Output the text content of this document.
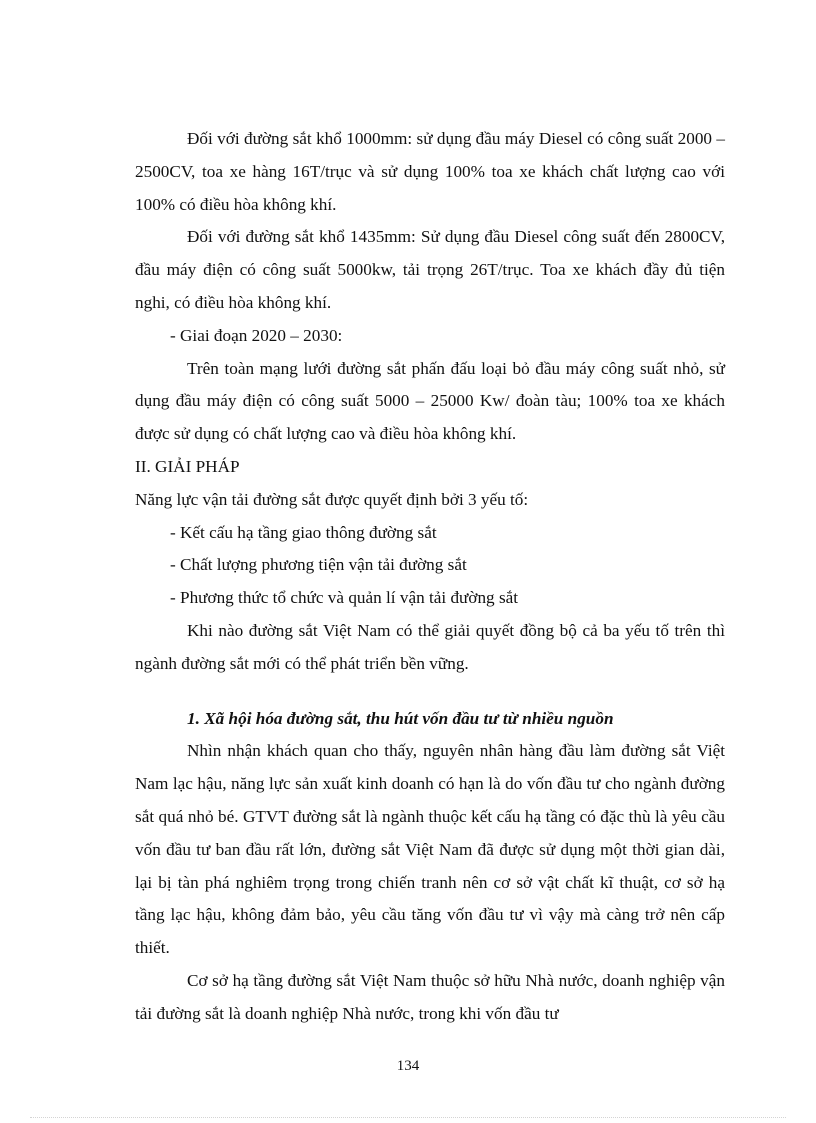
Đối với đường sắt khổ 1000mm: sử dụng đầu máy Diesel có công suất 2000 – 2500CV, toa xe hàng 16T/trục và sử dụng 100% toa xe khách chất lượng cao với 100% có điều hòa không khí.

Đối với đường sắt khổ 1435mm: Sử dụng đầu Diesel công suất đến 2800CV, đầu máy điện có công suất 5000kw, tải trọng 26T/trục. Toa xe khách đầy đủ tiện nghi, có điều hòa không khí.

- Giai đoạn 2020 – 2030:

Trên toàn mạng lưới đường sắt phấn đấu loại bỏ đầu máy công suất nhỏ, sử dụng đầu máy điện có công suất 5000 – 25000 Kw/ đoàn tàu; 100% toa xe khách được sử dụng có chất lượng cao và điều hòa không khí.

II. GIẢI PHÁP

Năng lực vận tải đường sắt được quyết định bởi 3 yếu tố:

- Kết cấu hạ tầng giao thông đường sắt

- Chất lượng phương tiện vận tải đường sắt

- Phương thức tổ chức và quản lí vận tải đường sắt

Khi nào đường sắt Việt Nam có thể giải quyết đồng bộ cả ba yếu tố trên thì ngành đường sắt mới có thể phát triển bền vững.

1. Xã hội hóa đường sắt, thu hút vốn đầu tư từ nhiều nguồn

Nhìn nhận khách quan cho thấy, nguyên nhân hàng đầu làm đường sắt Việt Nam lạc hậu, năng lực sản xuất kinh doanh có hạn là do vốn đầu tư cho ngành đường sắt quá nhỏ bé. GTVT đường sắt là ngành thuộc kết cấu hạ tầng có đặc thù là yêu cầu vốn đầu tư ban đầu rất lớn, đường sắt Việt Nam đã được sử dụng một thời gian dài, lại bị tàn phá nghiêm trọng trong chiến tranh nên cơ sở vật chất kĩ thuật, cơ sở hạ tầng lạc hậu, không đảm bảo, yêu cầu tăng vốn đầu tư vì vậy mà càng trở nên cấp thiết.

Cơ sở hạ tầng đường sắt Việt Nam thuộc sở hữu Nhà nước, doanh nghiệp vận tải đường sắt là doanh nghiệp Nhà nước, trong khi vốn đầu tư

134
